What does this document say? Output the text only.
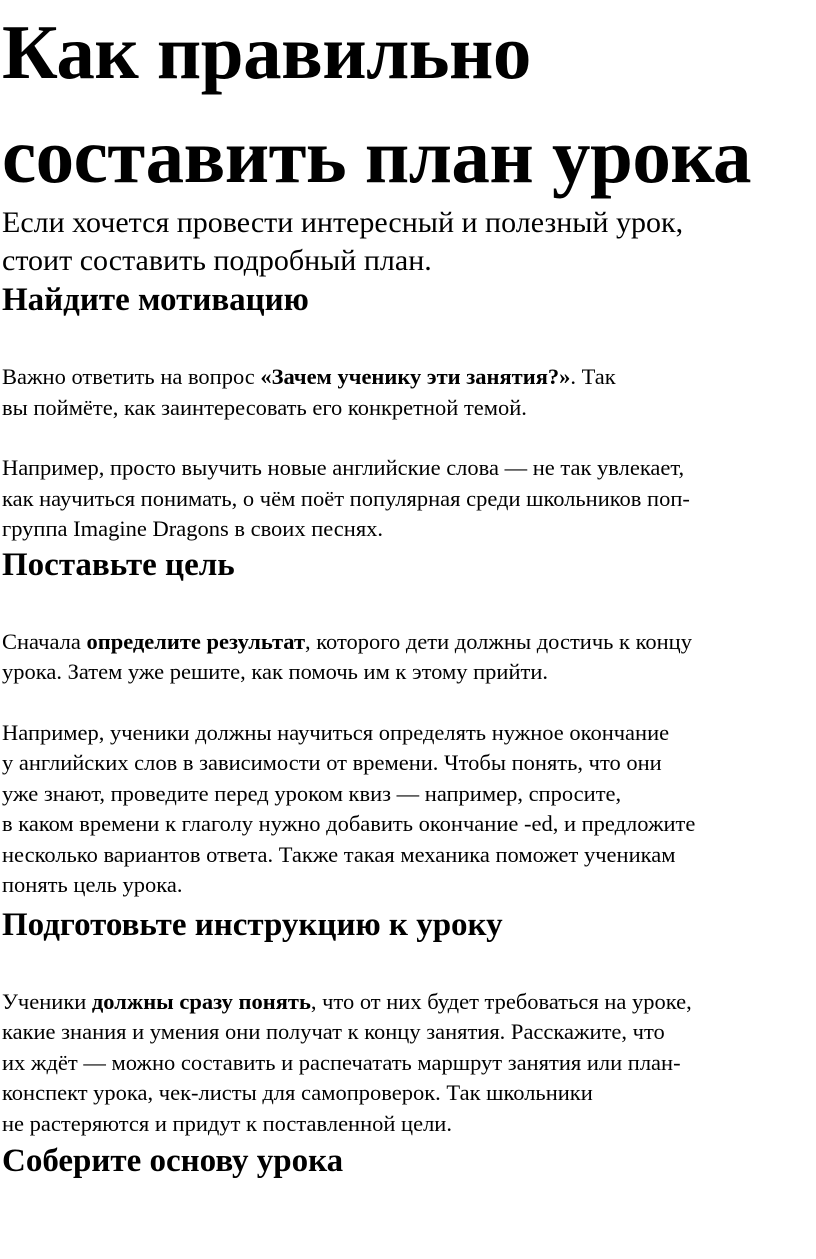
Как правильно
составить план урока

Если хочется провести интересный и полезный урок,
стоит составить подробный план.

Найдите мотивацию

Важно ответить на вопрос «Зачем ученику эти занятия?». Так
вы поймёте, как заинтересовать его конкретной темой.

Например, просто выучить новые английские слова — не так увлекает,
как научиться понимать, о чём поёт популярная среди школьников поп-
группа Imagine Dragons в своих песнях.

Поставьте цель

Сначала определите результат, которого дети должны достичь к концу
урока. Затем уже решите, как помочь им к этому прийти.

Например, ученики должны научиться определять нужное окончание
у английских слов в зависимости от времени. Чтобы понять, что они
уже знают, проведите перед уроком квиз — например, спросите,
в каком времени к глаголу нужно добавить окончание -ed, и предложите
несколько вариантов ответа. Также такая механика поможет ученикам
понять цель урока.

Подготовьте инструкцию к уроку

Ученики должны сразу понять, что от них будет требоваться на уроке,
какие знания и умения они получат к концу занятия. Расскажите, что
их ждёт — можно составить и распечатать маршрут занятия или план-
конспект урока, чек-листы для самопроверок. Так школьники
не растеряются и придут к поставленной цели.

Соберите основу урока
